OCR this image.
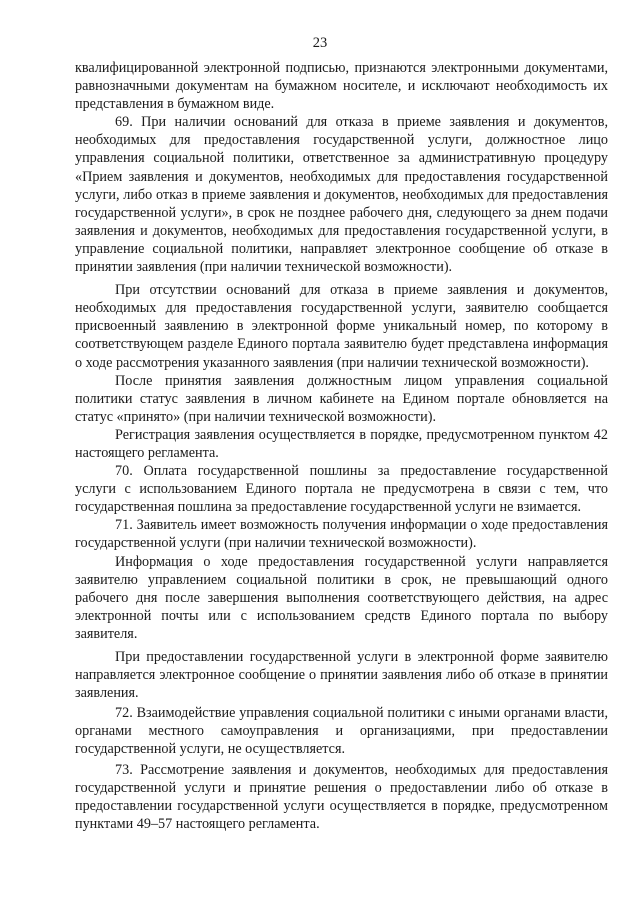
23

квалифицированной электронной подписью, признаются электронными документами, равнозначными документам на бумажном носителе, и исключают необходимость их представления в бумажном виде.

69. При наличии оснований для отказа в приеме заявления и документов, необходимых для предоставления государственной услуги, должностное лицо управления социальной политики, ответственное за административную процедуру «Прием заявления и документов, необходимых для предоставления государственной услуги, либо отказ в приеме заявления и документов, необходимых для предоставления государственной услуги», в срок не позднее рабочего дня, следующего за днем подачи заявления и документов, необходимых для предоставления государственной услуги, в управление социальной политики, направляет электронное сообщение об отказе в принятии заявления (при наличии технической возможности).

При отсутствии оснований для отказа в приеме заявления и документов, необходимых для предоставления государственной услуги, заявителю сообщается присвоенный заявлению в электронной форме уникальный номер, по которому в соответствующем разделе Единого портала заявителю будет представлена информация о ходе рассмотрения указанного заявления (при наличии технической возможности).

После принятия заявления должностным лицом управления социальной политики статус заявления в личном кабинете на Едином портале обновляется на статус «принято» (при наличии технической возможности).

Регистрация заявления осуществляется в порядке, предусмотренном пунктом 42 настоящего регламента.

70. Оплата государственной пошлины за предоставление государственной услуги с использованием Единого портала не предусмотрена в связи с тем, что государственная пошлина за предоставление государственной услуги не взимается.

71. Заявитель имеет возможность получения информации о ходе предоставления государственной услуги (при наличии технической возможности).

Информация о ходе предоставления государственной услуги направляется заявителю управлением социальной политики в срок, не превышающий одного рабочего дня после завершения выполнения соответствующего действия, на адрес электронной почты или с использованием средств Единого портала по выбору заявителя.

При предоставлении государственной услуги в электронной форме заявителю направляется электронное сообщение о принятии заявления либо об отказе в принятии заявления.

72. Взаимодействие управления социальной политики с иными органами власти, органами местного самоуправления и организациями, при предоставлении государственной услуги, не осуществляется.

73. Рассмотрение заявления и документов, необходимых для предоставления государственной услуги и принятие решения о предоставлении либо об отказе в предоставлении государственной услуги осуществляется в порядке, предусмотренном пунктами 49–57 настоящего регламента.
